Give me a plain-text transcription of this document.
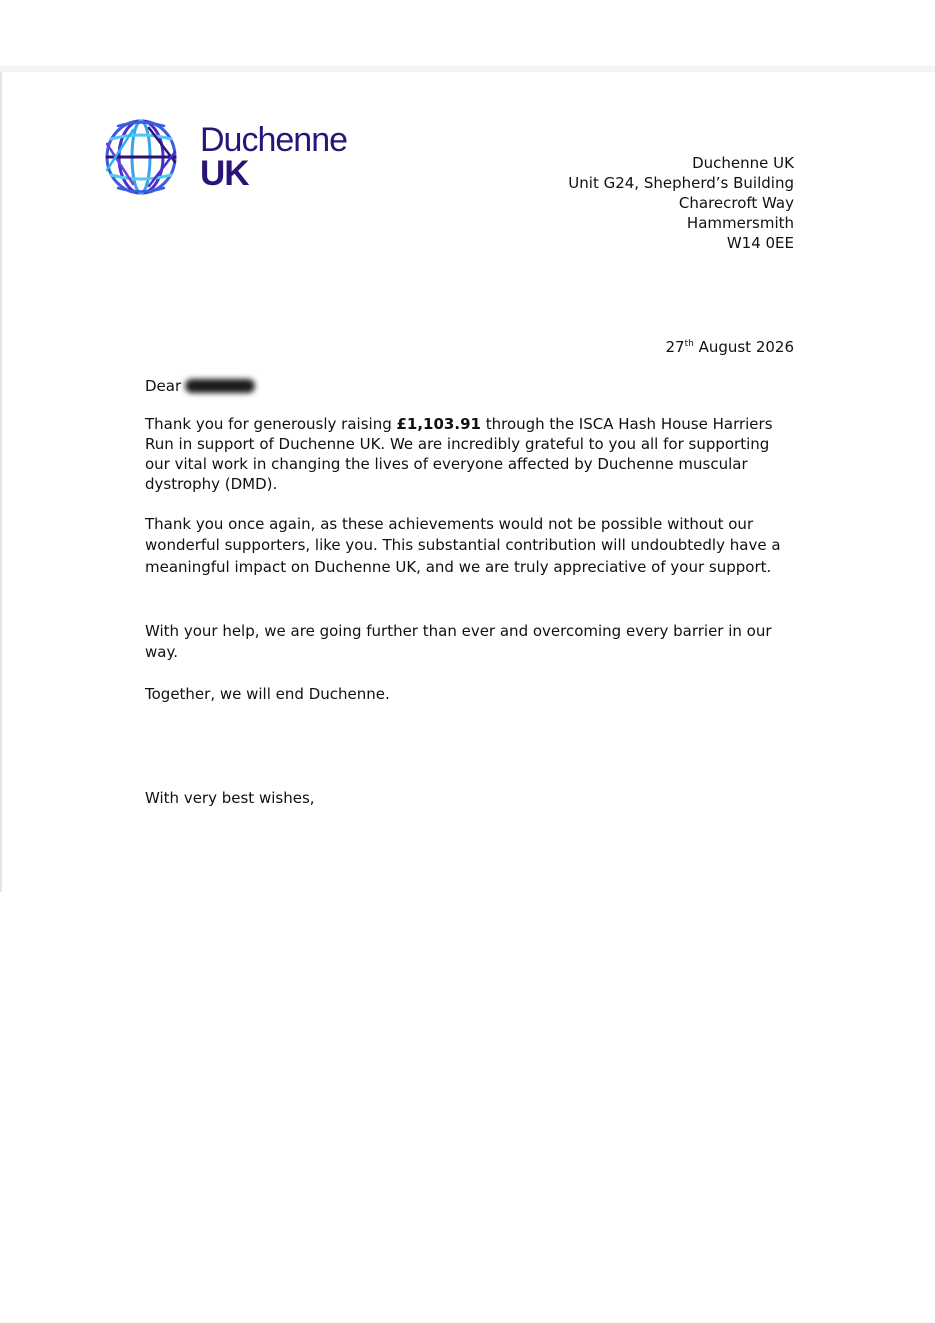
Duchenne
UK	Duchenne UK
Unit G24, Shepherd’s Building
Charecroft Way
Hammersmith
W14 0EE
27th August 2026
Dear
Thank you for generously raising £1,103.91 through the ISCA Hash House Harriers Run in support of Duchenne UK. We are incredibly grateful to you all for supporting our vital work in changing the lives of everyone affected by Duchenne muscular dystrophy (DMD).
Thank you once again, as these achievements would not be possible without our wonderful supporters, like you. This substantial contribution will undoubtedly have a meaningful impact on Duchenne UK, and we are truly appreciative of your support.
With your help, we are going further than ever and overcoming every barrier in our way.
Together, we will end Duchenne.
With very best wishes,
